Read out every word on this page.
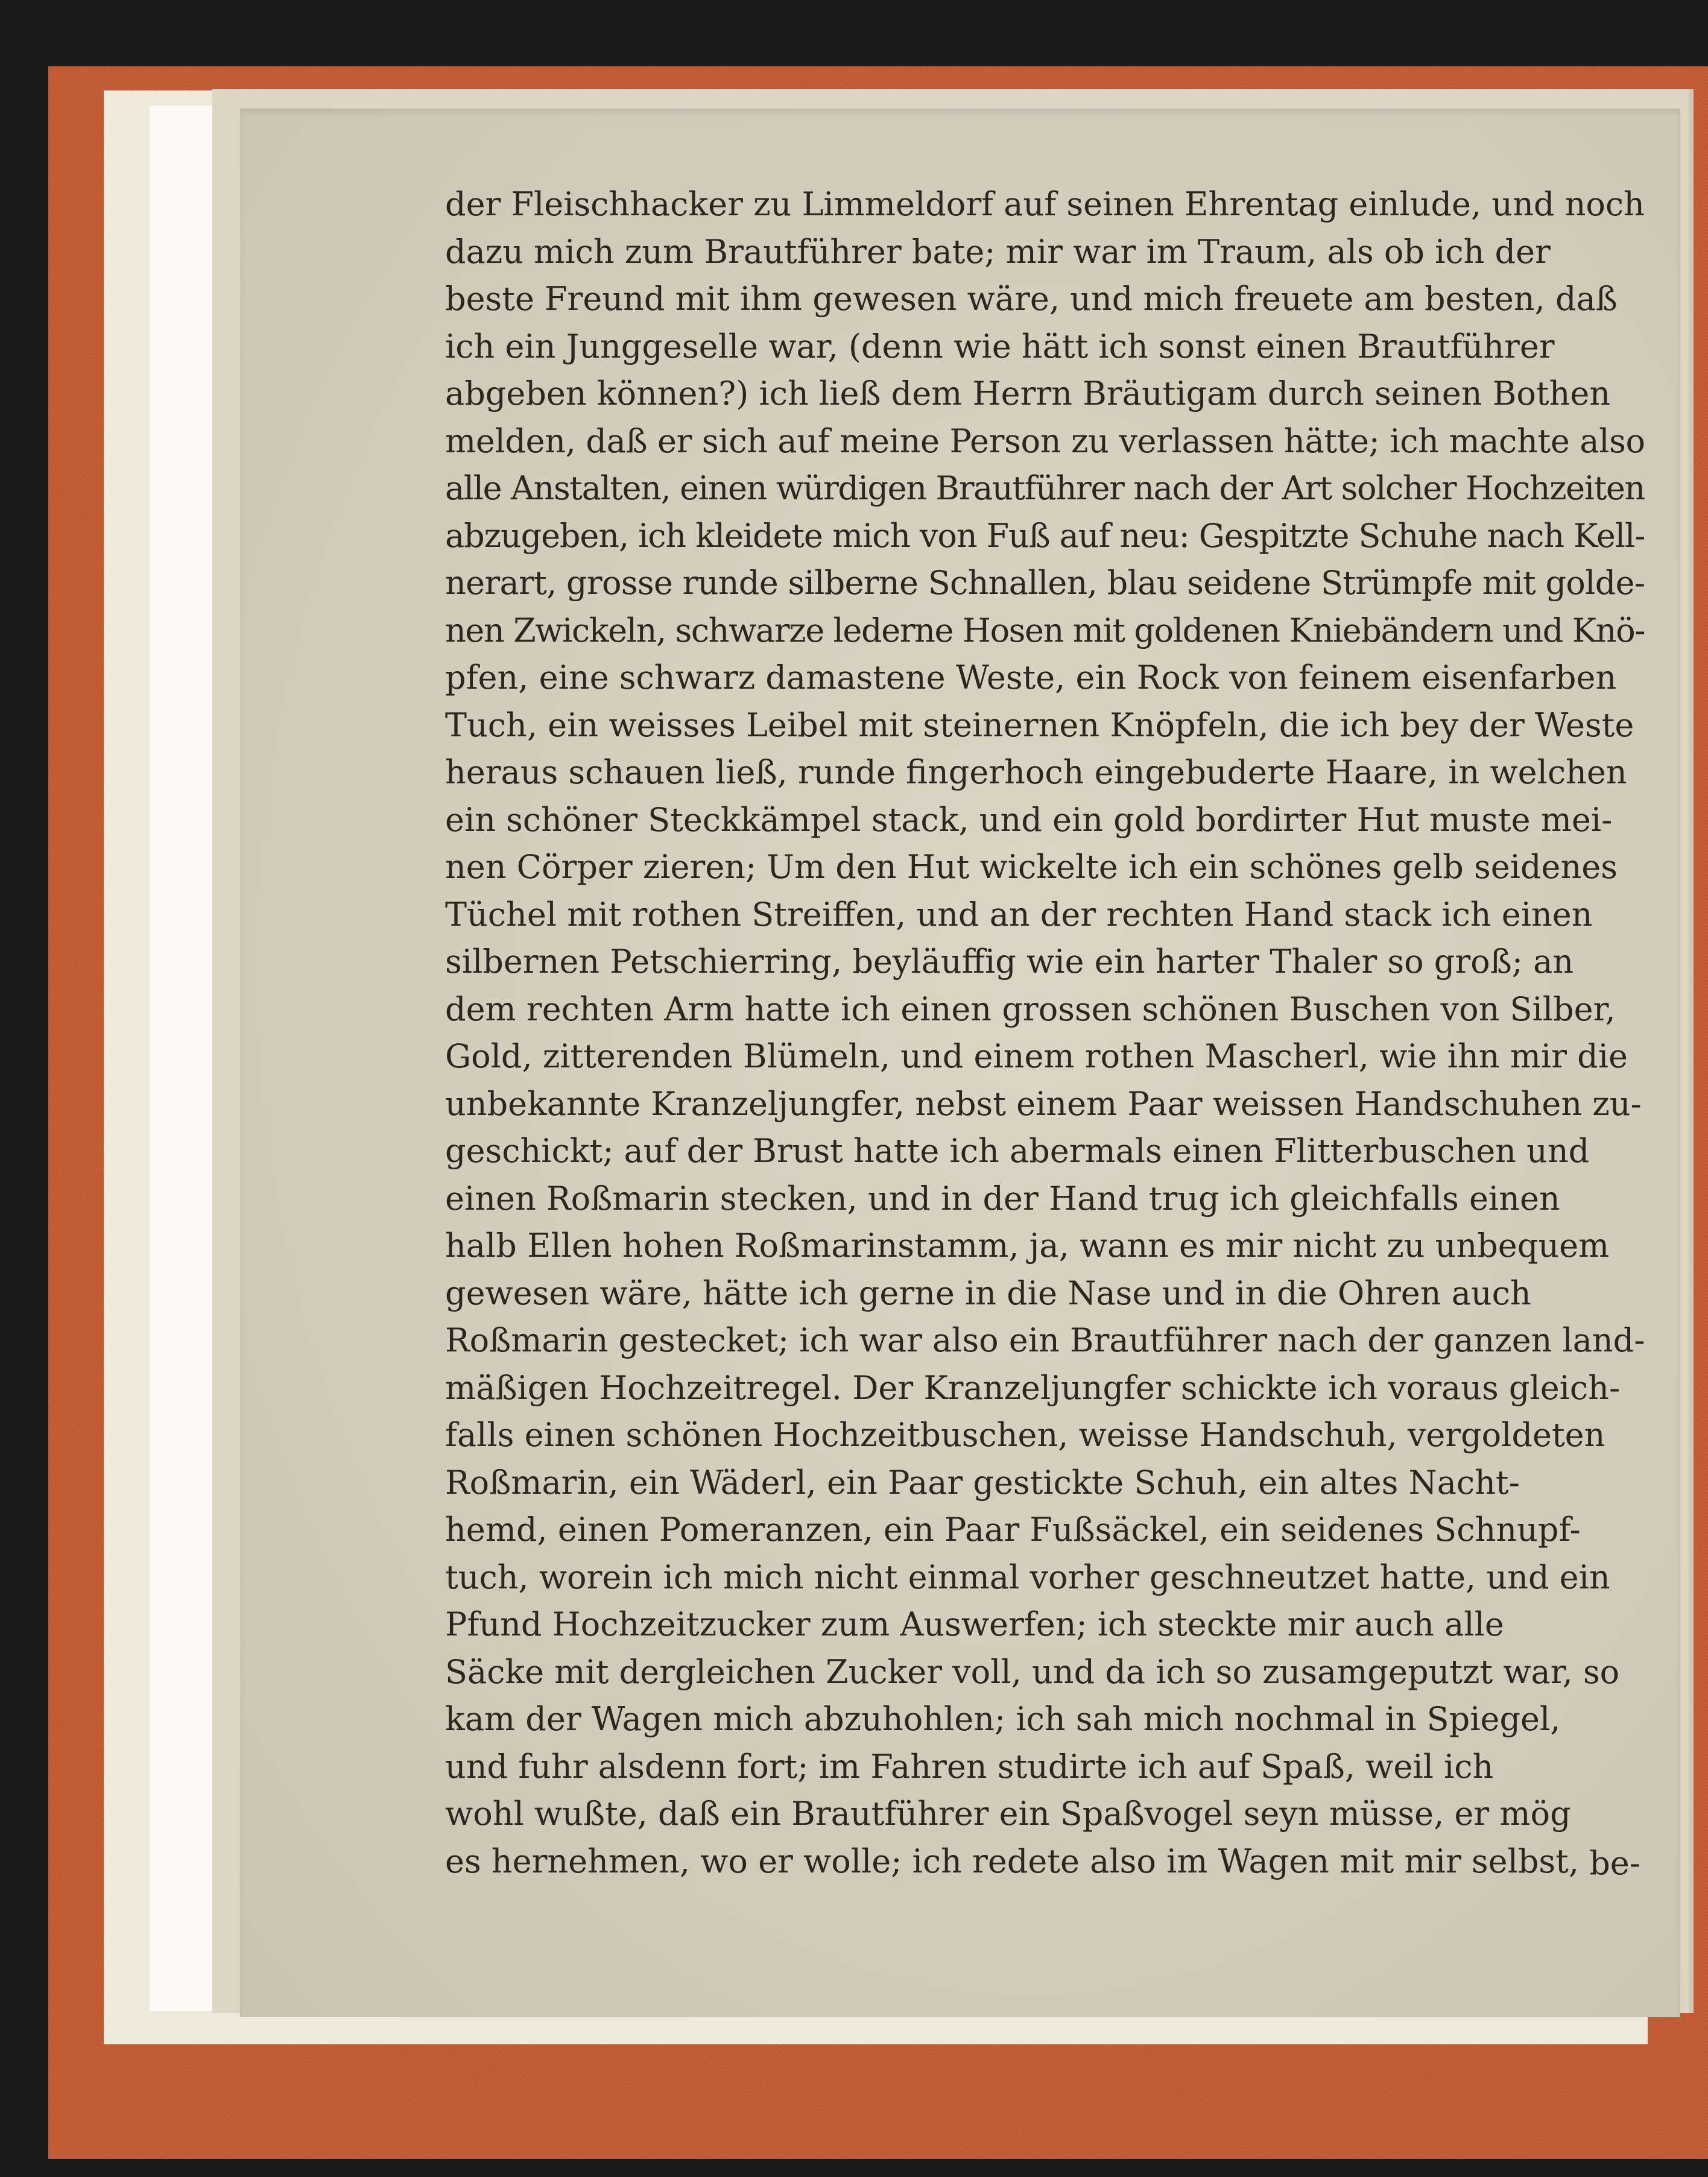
der Fleischhacker zu Limmeldorf auf seinen Ehrentag einlude, und noch
dazu mich zum Brautführer bate; mir war im Traum, als ob ich der
beste Freund mit ihm gewesen wäre, und mich freuete am besten, daß
ich ein Junggeselle war, (denn wie hätt ich sonst einen Brautführer
abgeben können?) ich ließ dem Herrn Bräutigam durch seinen Bothen
melden, daß er sich auf meine Person zu verlassen hätte; ich machte also
alle Anstalten, einen würdigen Brautführer nach der Art solcher Hochzeiten
abzugeben, ich kleidete mich von Fuß auf neu: Gespitzte Schuhe nach Kell-
nerart, grosse runde silberne Schnallen, blau seidene Strümpfe mit golde-
nen Zwickeln, schwarze lederne Hosen mit goldenen Kniebändern und Knö-
pfen, eine schwarz damastene Weste, ein Rock von feinem eisenfarben
Tuch, ein weisses Leibel mit steinernen Knöpfeln, die ich bey der Weste
heraus schauen ließ, runde fingerhoch eingebuderte Haare, in welchen
ein schöner Steckkämpel stack, und ein gold bordirter Hut muste mei-
nen Cörper zieren; Um den Hut wickelte ich ein schönes gelb seidenes
Tüchel mit rothen Streiffen, und an der rechten Hand stack ich einen
silbernen Petschierring, beyläuffig wie ein harter Thaler so groß; an
dem rechten Arm hatte ich einen grossen schönen Buschen von Silber,
Gold, zitterenden Blümeln, und einem rothen Mascherl, wie ihn mir die
unbekannte Kranzeljungfer, nebst einem Paar weissen Handschuhen zu-
geschickt; auf der Brust hatte ich abermals einen Flitterbuschen und
einen Roßmarin stecken, und in der Hand trug ich gleichfalls einen
halb Ellen hohen Roßmarinstamm, ja, wann es mir nicht zu unbequem
gewesen wäre, hätte ich gerne in die Nase und in die Ohren auch
Roßmarin gestecket; ich war also ein Brautführer nach der ganzen land-
mäßigen Hochzeitregel. Der Kranzeljungfer schickte ich voraus gleich-
falls einen schönen Hochzeitbuschen, weisse Handschuh, vergoldeten
Roßmarin, ein Wäderl, ein Paar gestickte Schuh, ein altes Nacht-
hemd, einen Pomeranzen, ein Paar Fußsäckel, ein seidenes Schnupf-
tuch, worein ich mich nicht einmal vorher geschneutzet hatte, und ein
Pfund Hochzeitzucker zum Auswerfen; ich steckte mir auch alle
Säcke mit dergleichen Zucker voll, und da ich so zusamgeputzt war, so
kam der Wagen mich abzuhohlen; ich sah mich nochmal in Spiegel,
und fuhr alsdenn fort; im Fahren studirte ich auf Spaß, weil ich
wohl wußte, daß ein Brautführer ein Spaßvogel seyn müsse, er mög
es hernehmen, wo er wolle; ich redete also im Wagen mit mir selbst, be-
